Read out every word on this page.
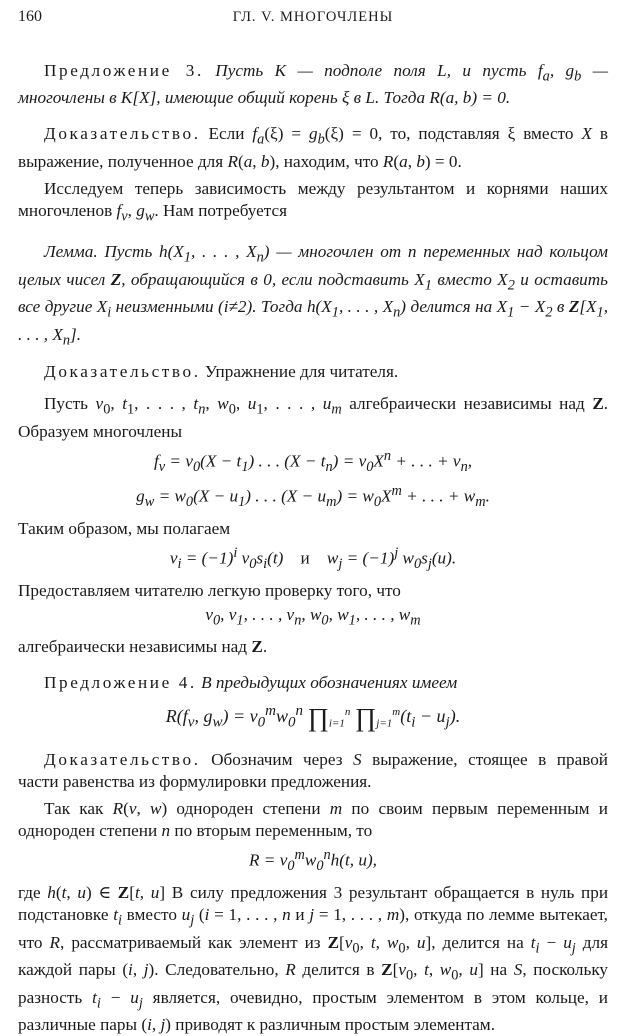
160	ГЛ. V. МНОГОЧЛЕНЫ

Предложение 3. Пусть K — подполе поля L, и пусть $f_a$, $g_b$ — многочлены в K[X], имеющие общий корень ξ в L. Тогда R(a, b) = 0.

Доказательство. Если $f_a(\xi) = g_b(\xi) = 0$, то, подставляя ξ вместо X в выражение, полученное для R(a, b), находим, что R(a, b) = 0.

Исследуем теперь зависимость между результантом и корнями наших многочленов $f_v$, $g_w$. Нам потребуется

Лемма. Пусть $h(X_1$, . . . , $X_n$) — многочлен от n переменных над кольцом целых чисел Z, обращающийся в 0, если подставить $X_1$ вместо $X_2$ и оставить все другие $X_i$ неизменными (i≠2). Тогда $h(X_1$, . . . , $X_n$) делится на $X_1 - X_2$ в $Z[X_1$, . . . , $X_n$].

Доказательство. Упражнение для читателя.

Пусть $v_0$, $t_1$, . . . , $t_n$, $w_0$, $u_1$, . . . , $u_m$ алгебраически независимы над Z. Образуем многочлены

$f_v = v_0(X - t_1)$ . . . $(X - t_n) = v_0X^n$ + . . . + $v_n$,
$g_w = w_0(X - u_1)$ . . . $(X - u_m) = w_0X^m$ + . . . + $w_m$.

Таким образом, мы полагаем

$v_i = (-1)^i$ $v_0s_i(t)$    и    $w_j = (-1)^j$ $w_0s_j(u)$.

Предоставляем читателю легкую проверку того, что

$v_0$, $v_1$, . . . , $v_n$, $w_0$, $w_1$, . . . , $w_m$

алгебраически независимы над Z.

Предложение 4. В предыдущих обозначениях имеем

$R(f_v$, $g_w) = v_0^mw_0^n$ $\prod_{i=1}^n$ $\prod_{j=1}^m(t_i - u_j)$.

Доказательство. Обозначим через S выражение, стоящее в правой части равенства из формулировки предложения.

Так как R(v, w) однороден степени m по своим первым переменным и однороден степени n по вторым переменным, то

$R = v_0^mw_0^nh(t$, u),

где h(t, u) ∈ Z[t, u] В силу предложения 3 результант обращается в нуль при подстановке $t_i$ вместо $u_j$ (i = 1, . . . , n и j = 1, . . . , m), откуда по лемме вытекает, что R, рассматриваемый как элемент из $Z[v_0$, t, $w_0$, u], делится на $t_i - u_j$ для каждой пары (i, j). Следовательно, R делится в $Z[v_0$, t, $w_0$, u] на S, поскольку разность $t_i - u_j$ является, очевидно, простым элементом в этом кольце, и различные пары (i, j) приводят к различным простым элементам.
